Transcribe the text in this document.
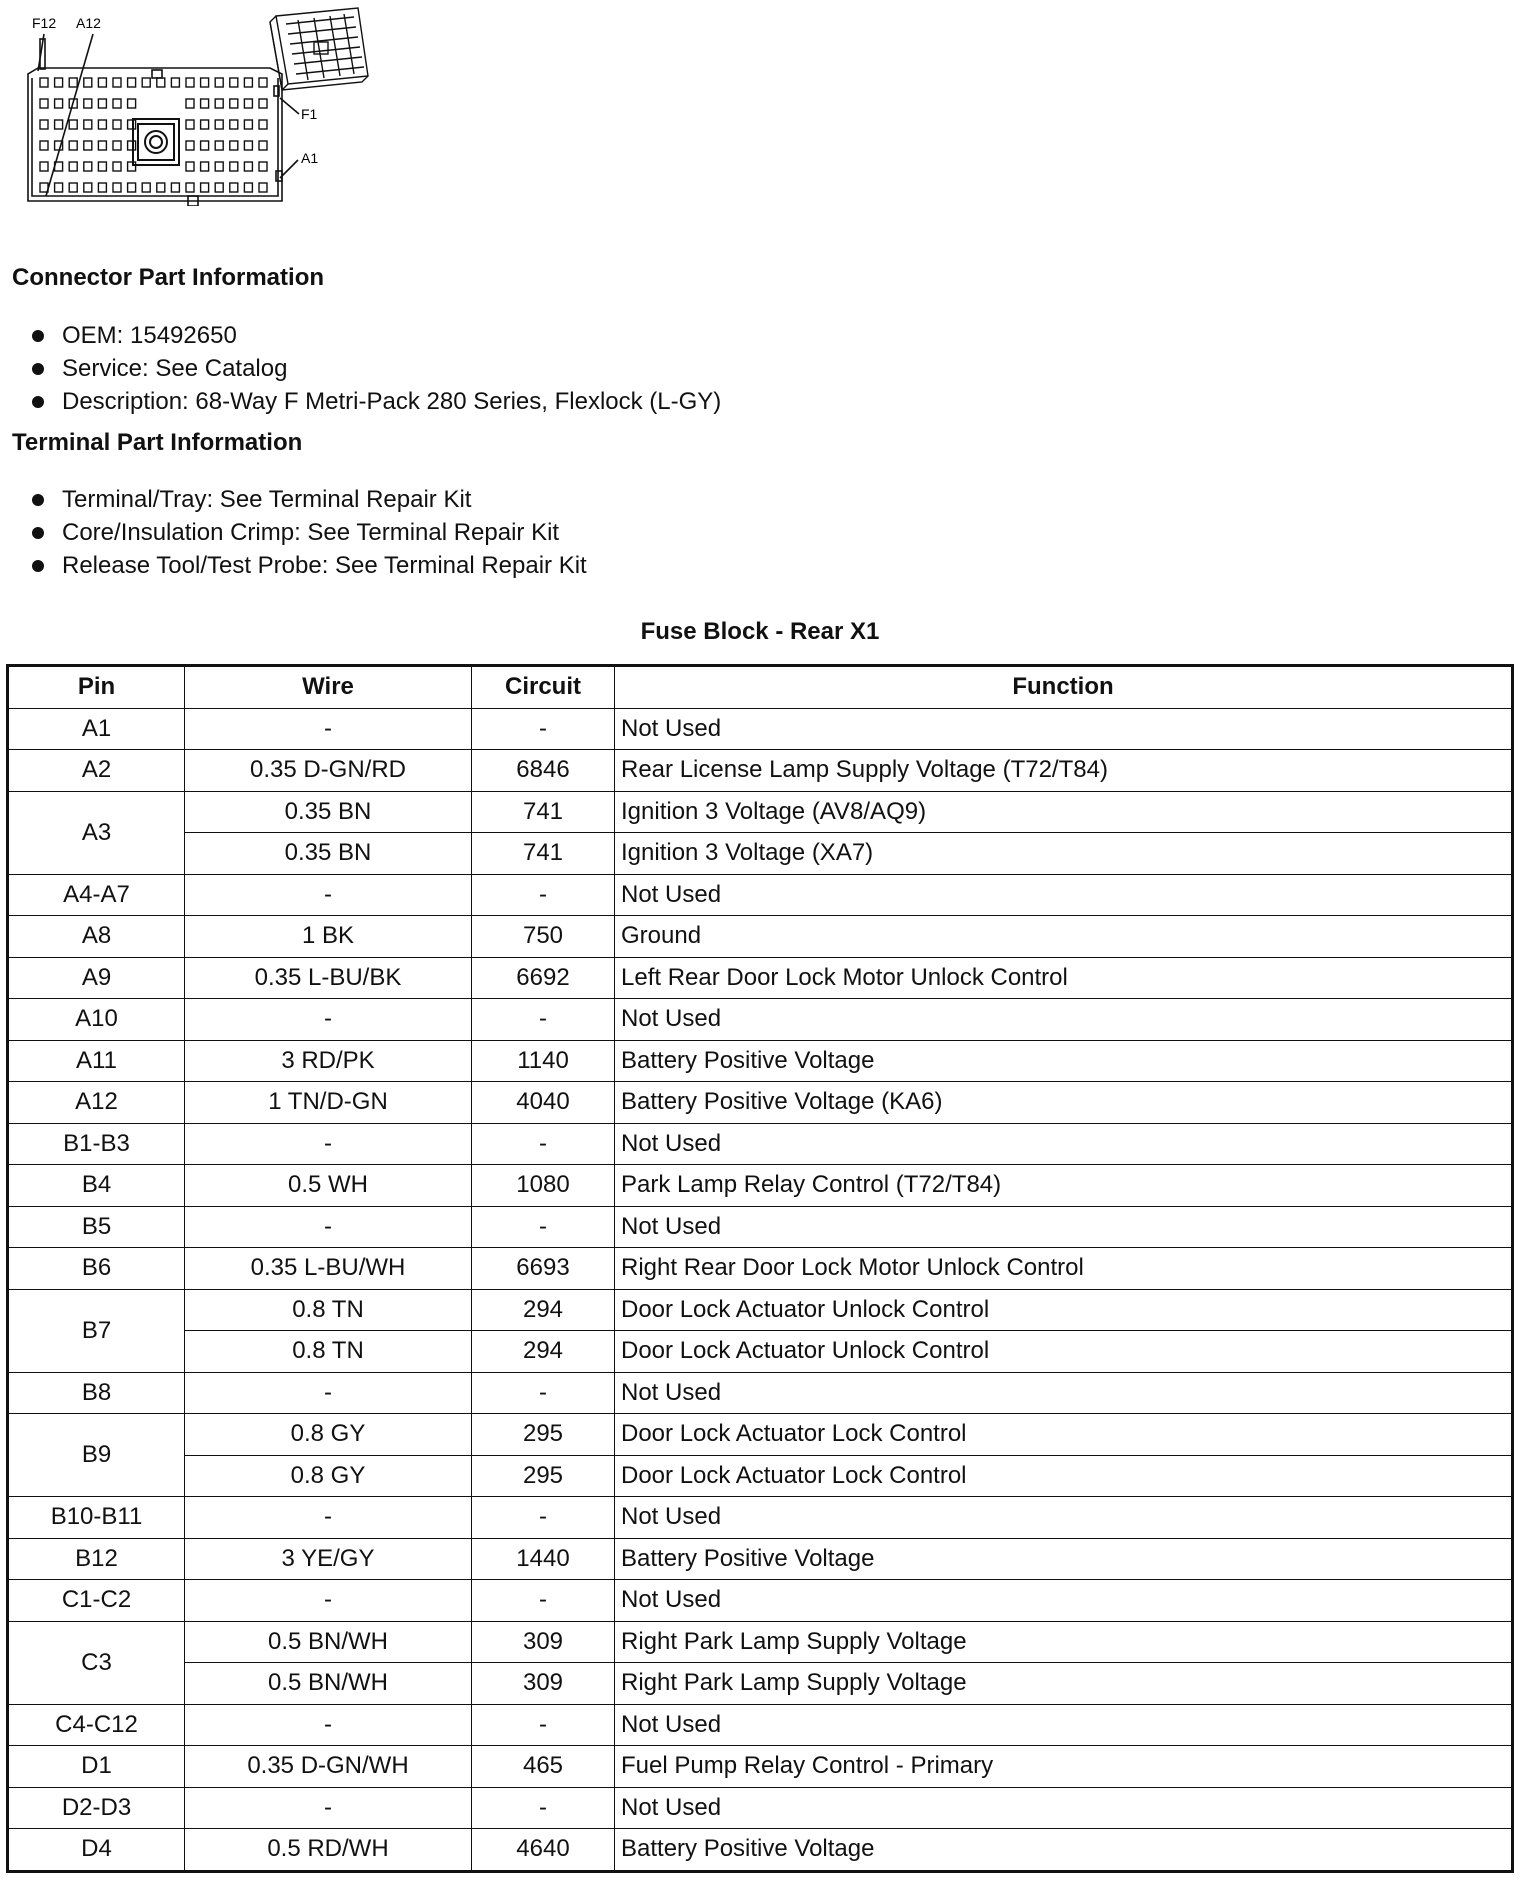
F12 A12
F1
A1
Connector Part Information
OEM: 15492650
Service: See Catalog
Description: 68-Way F Metri-Pack 280 Series, Flexlock (L-GY)
Terminal Part Information
Terminal/Tray: See Terminal Repair Kit
Core/Insulation Crimp: See Terminal Repair Kit
Release Tool/Test Probe: See Terminal Repair Kit
Fuse Block - Rear X1
Pin	Wire	Circuit	Function
A1	-	-	Not Used
A2	0.35 D-GN/RD	6846	Rear License Lamp Supply Voltage (T72/T84)
A3	0.35 BN	741	Ignition 3 Voltage (AV8/AQ9)
	0.35 BN	741	Ignition 3 Voltage (XA7)
A4-A7	-	-	Not Used
A8	1 BK	750	Ground
A9	0.35 L-BU/BK	6692	Left Rear Door Lock Motor Unlock Control
A10	-	-	Not Used
A11	3 RD/PK	1140	Battery Positive Voltage
A12	1 TN/D-GN	4040	Battery Positive Voltage (KA6)
B1-B3	-	-	Not Used
B4	0.5 WH	1080	Park Lamp Relay Control (T72/T84)
B5	-	-	Not Used
B6	0.35 L-BU/WH	6693	Right Rear Door Lock Motor Unlock Control
B7	0.8 TN	294	Door Lock Actuator Unlock Control
	0.8 TN	294	Door Lock Actuator Unlock Control
B8	-	-	Not Used
B9	0.8 GY	295	Door Lock Actuator Lock Control
	0.8 GY	295	Door Lock Actuator Lock Control
B10-B11	-	-	Not Used
B12	3 YE/GY	1440	Battery Positive Voltage
C1-C2	-	-	Not Used
C3	0.5 BN/WH	309	Right Park Lamp Supply Voltage
	0.5 BN/WH	309	Right Park Lamp Supply Voltage
C4-C12	-	-	Not Used
D1	0.35 D-GN/WH	465	Fuel Pump Relay Control - Primary
D2-D3	-	-	Not Used
D4	0.5 RD/WH	4640	Battery Positive Voltage
